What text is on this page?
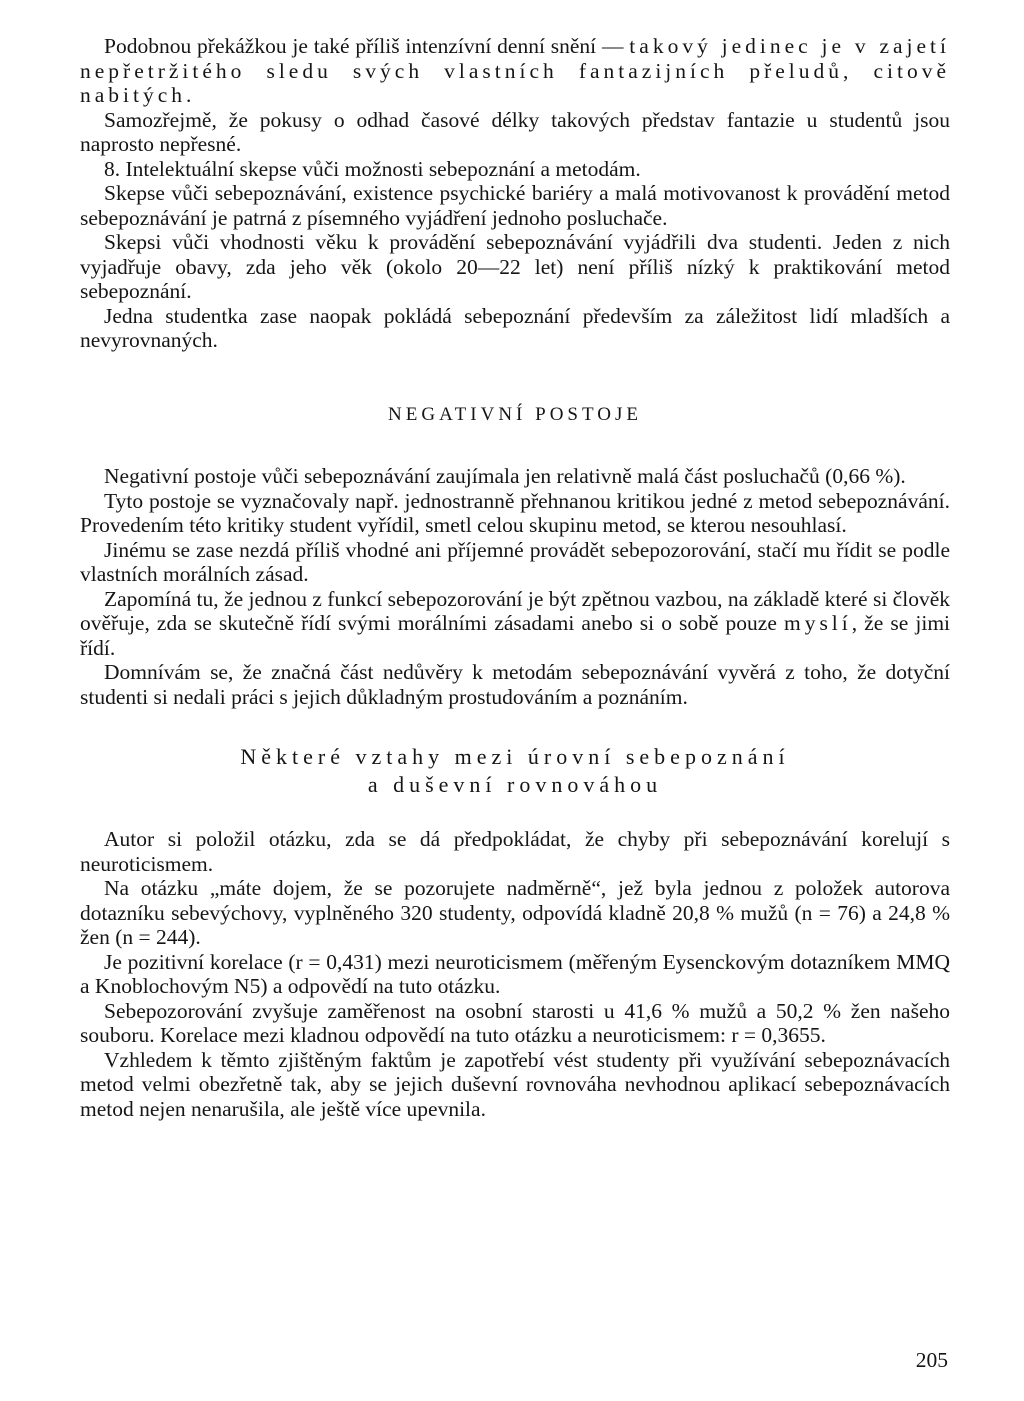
Podobnou překážkou je také příliš intenzívní denní snění — takový jedinec je v zajetí nepřetržitého sledu svých vlastních fantazijních přeludů, citově nabitých.

Samozřejmě, že pokusy o odhad časové délky takových představ fantazie u studentů jsou naprosto nepřesné.

8. Intelektuální skepse vůči možnosti sebepoznání a metodám.

Skepse vůči sebepoznávání, existence psychické bariéry a malá motivovanost k provádění metod sebepoznávání je patrná z písemného vyjádření jednoho posluchače.

Skepsi vůči vhodnosti věku k provádění sebepoznávání vyjádřili dva studenti. Jeden z nich vyjadřuje obavy, zda jeho věk (okolo 20—22 let) není příliš nízký k praktikování metod sebepoznání.

Jedna studentka zase naopak pokládá sebepoznání především za záležitost lidí mladších a nevyrovnaných.

NEGATIVNÍ POSTOJE

Negativní postoje vůči sebepoznávání zaujímala jen relativně malá část posluchačů (0,66 %).

Tyto postoje se vyznačovaly např. jednostranně přehnanou kritikou jedné z metod sebepoznávání. Provedením této kritiky student vyřídil, smetl celou skupinu metod, se kterou nesouhlasí.

Jinému se zase nezdá příliš vhodné ani příjemné provádět sebepozorování, stačí mu řídit se podle vlastních morálních zásad.

Zapomíná tu, že jednou z funkcí sebepozorování je být zpětnou vazbou, na základě které si člověk ověřuje, zda se skutečně řídí svými morálními zásadami anebo si o sobě pouze myslí, že se jimi řídí.

Domnívám se, že značná část nedůvěry k metodám sebepoznávání vyvěrá z toho, že dotyční studenti si nedali práci s jejich důkladným prostudováním a poznáním.

Některé vztahy mezi úrovní sebepoznání
a duševní rovnováhou

Autor si položil otázku, zda se dá předpokládat, že chyby při sebepoznávání korelují s neuroticismem.

Na otázku „máte dojem, že se pozorujete nadměrně“, jež byla jednou z položek autorova dotazníku sebevýchovy, vyplněného 320 studenty, odpovídá kladně 20,8 % mužů (n = 76) a 24,8 % žen (n = 244).

Je pozitivní korelace (r = 0,431) mezi neuroticismem (měřeným Eysenckovým dotazníkem MMQ a Knoblochovým N5) a odpovědí na tuto otázku.

Sebepozorování zvyšuje zaměřenost na osobní starosti u 41,6 % mužů a 50,2 % žen našeho souboru. Korelace mezi kladnou odpovědí na tuto otázku a neuroticismem: r = 0,3655.

Vzhledem k těmto zjištěným faktům je zapotřebí vést studenty při využívání sebepoznávacích metod velmi obezřetně tak, aby se jejich duševní rovnováha nevhodnou aplikací sebepoznávacích metod nejen nenarušila, ale ještě více upevnila.

205
